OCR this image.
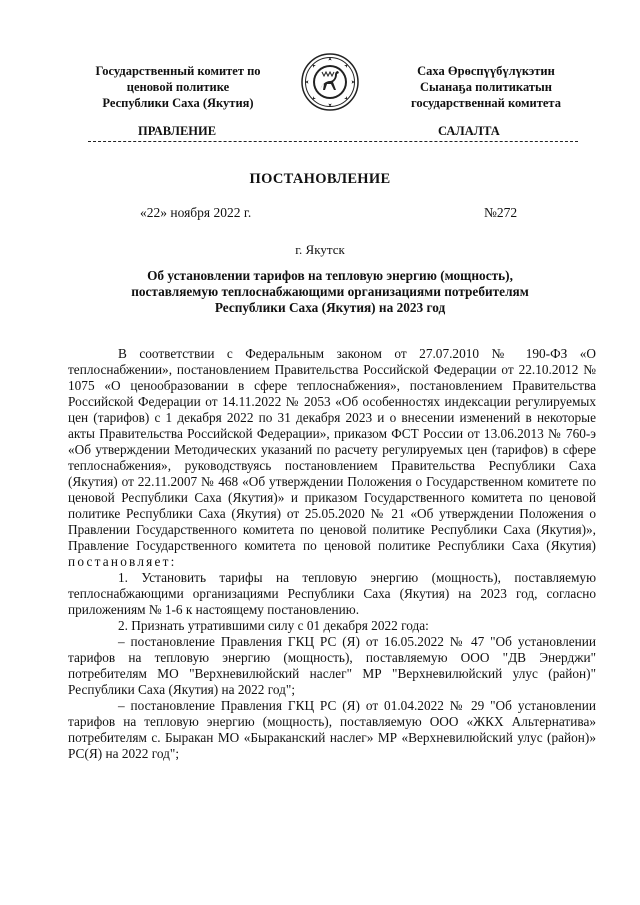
Государственный комитет по
ценовой политике
Республики Саха (Якутия)
Саха Өрөспүүбүлүкэтин
Сыанаҕа политикатын
государственнай комитета
ПРАВЛЕНИЕ	САЛАЛТА
ПОСТАНОВЛЕНИЕ
«22» ноября 2022 г.	№272
г. Якутск
Об установлении тарифов на тепловую энергию (мощность),
поставляемую теплоснабжающими организациями потребителям
Республики Саха (Якутия) на 2023 год

В соответствии с Федеральным законом от 27.07.2010 № 190-ФЗ «О теплоснабжении», постановлением Правительства Российской Федерации от 22.10.2012 № 1075 «О ценообразовании в сфере теплоснабжения», постановлением Правительства Российской Федерации от 14.11.2022 № 2053 «Об особенностях индексации регулируемых цен (тарифов) с 1 декабря 2022 по 31 декабря 2023 и о внесении изменений в некоторые акты Правительства Российской Федерации», приказом ФСТ России от 13.06.2013 № 760-э «Об утверждении Методических указаний по расчету регулируемых цен (тарифов) в сфере теплоснабжения», руководствуясь постановлением Правительства Республики Саха (Якутия) от 22.11.2007 № 468 «Об утверждении Положения о Государственном комитете по ценовой Республики Саха (Якутия)» и приказом Государственного комитета по ценовой политике Республики Саха (Якутия) от 25.05.2020 № 21 «Об утверждении Положения о Правлении Государственного комитета по ценовой политике Республики Саха (Якутия)», Правление Государственного комитета по ценовой политике Республики Саха (Якутия) постановляет:

1. Установить тарифы на тепловую энергию (мощность), поставляемую теплоснабжающими организациями Республики Саха (Якутия) на 2023 год, согласно приложениям № 1-6 к настоящему постановлению.

2. Признать утратившими силу с 01 декабря 2022 года:

– постановление Правления ГКЦ РС (Я) от 16.05.2022 № 47 "Об установлении тарифов на тепловую энергию (мощность), поставляемую ООО "ДВ Энерджи" потребителям МО "Верхневилюйский наслег" МР "Верхневилюйский улус (район)" Республики Саха (Якутия) на 2022 год";

– постановление Правления ГКЦ РС (Я) от 01.04.2022 № 29 "Об установлении тарифов на тепловую энергию (мощность), поставляемую ООО «ЖКХ Альтернатива» потребителям с. Быракан МО «Быраканский наслег» МР «Верхневилюйский улус (район)» РС(Я) на 2022 год";
